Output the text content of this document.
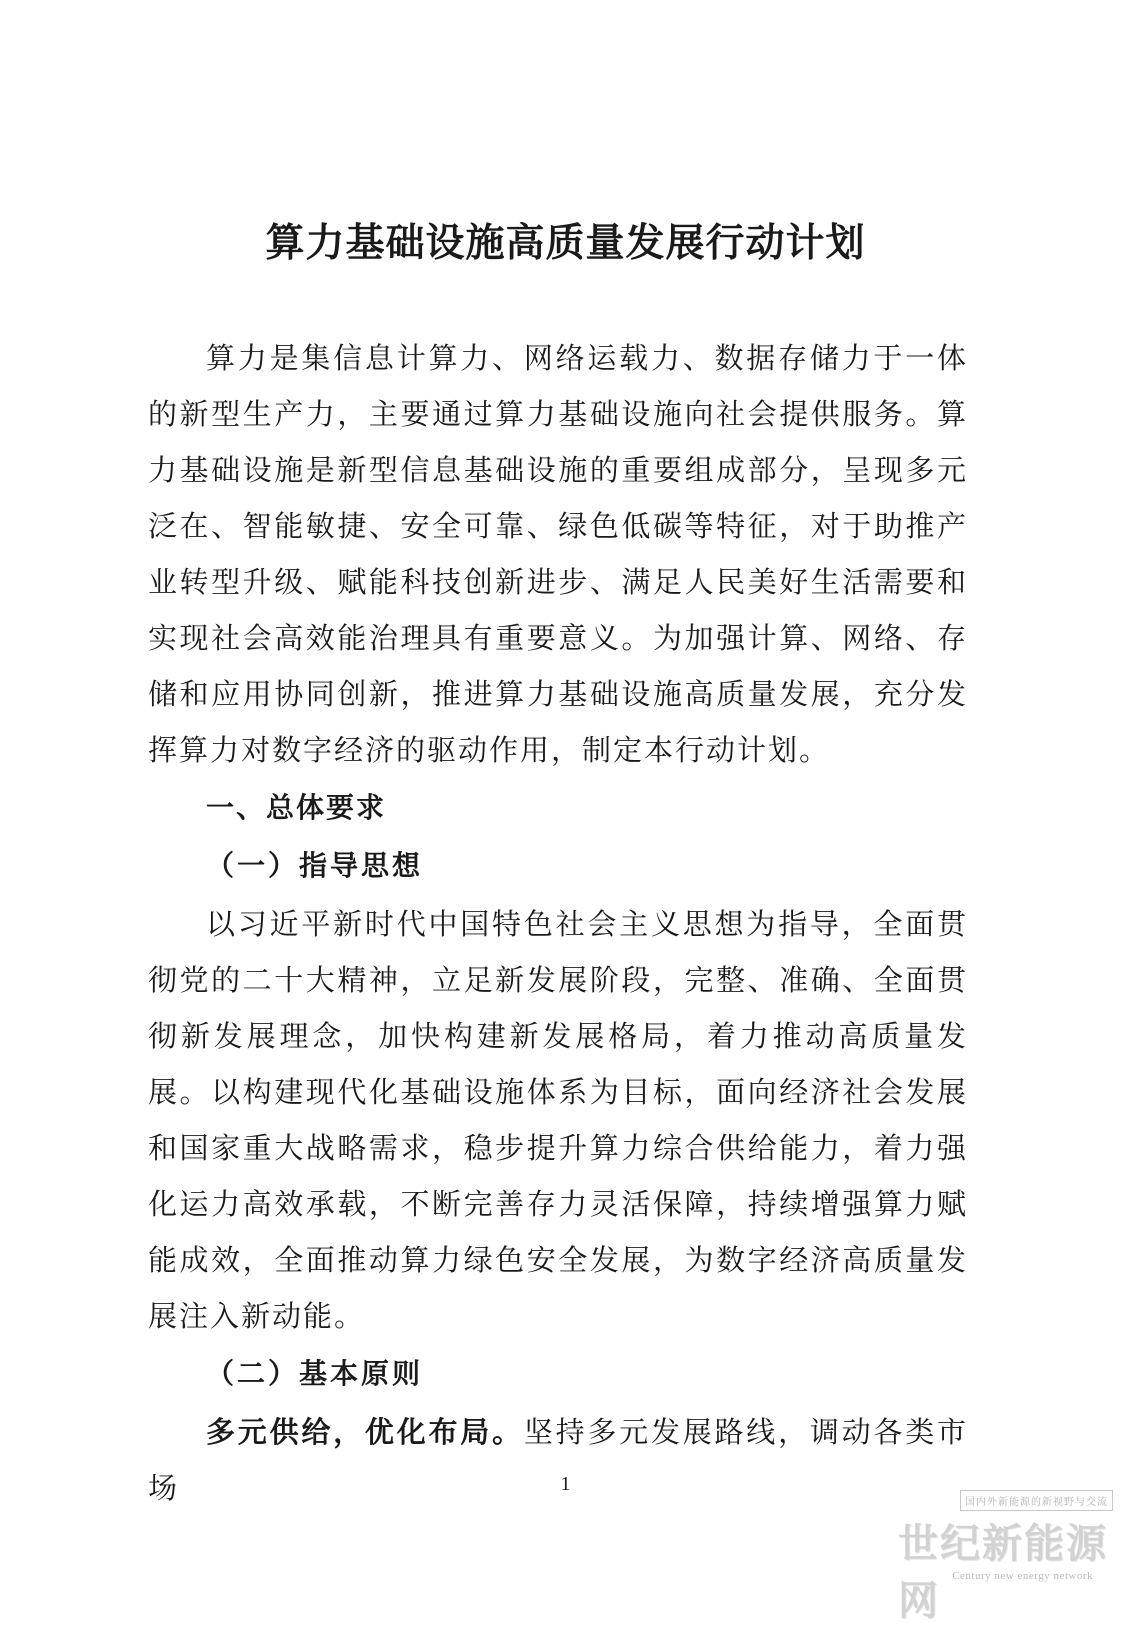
算力基础设施高质量发展行动计划

算力是集信息计算力、网络运载力、数据存储力于一体的新型生产力，主要通过算力基础设施向社会提供服务。算力基础设施是新型信息基础设施的重要组成部分，呈现多元泛在、智能敏捷、安全可靠、绿色低碳等特征，对于助推产业转型升级、赋能科技创新进步、满足人民美好生活需要和实现社会高效能治理具有重要意义。为加强计算、网络、存储和应用协同创新，推进算力基础设施高质量发展，充分发挥算力对数字经济的驱动作用，制定本行动计划。

一、总体要求

（一）指导思想

以习近平新时代中国特色社会主义思想为指导，全面贯彻党的二十大精神，立足新发展阶段，完整、准确、全面贯彻新发展理念，加快构建新发展格局，着力推动高质量发展。以构建现代化基础设施体系为目标，面向经济社会发展和国家重大战略需求，稳步提升算力综合供给能力，着力强化运力高效承载，不断完善存力灵活保障，持续增强算力赋能成效，全面推动算力绿色安全发展，为数字经济高质量发展注入新动能。

（二）基本原则

多元供给，优化布局。坚持多元发展路线，调动各类市场	1
国内外新能源的新视野与交流
世纪新能源网
Century new energy network
